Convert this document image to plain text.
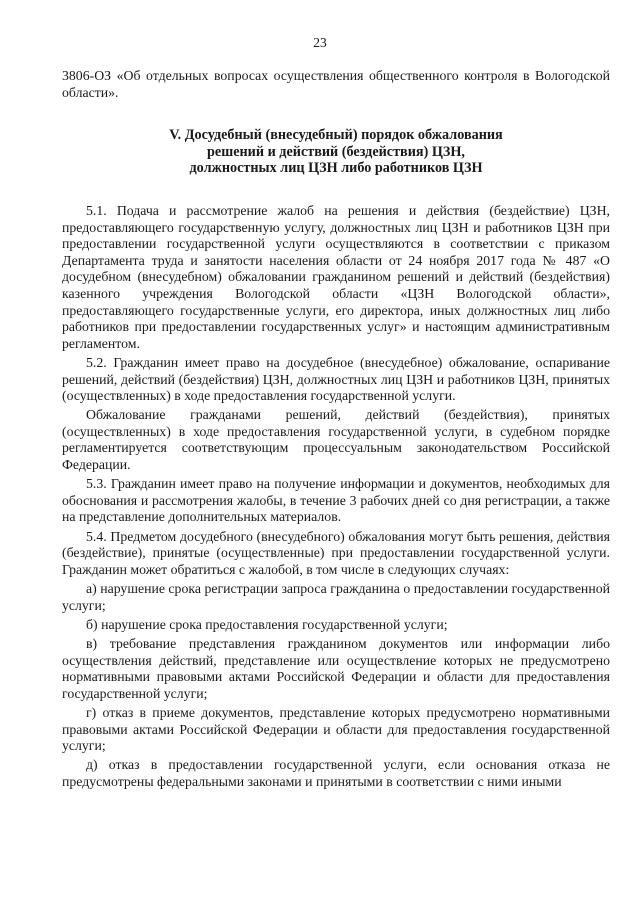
23

3806-ОЗ «Об отдельных вопросах осуществления общественного контроля в Вологодской области».

V. Досудебный (внесудебный) порядок обжалования
решений и действий (бездействия) ЦЗН,
должностных лиц ЦЗН либо работников ЦЗН

5.1. Подача и рассмотрение жалоб на решения и действия (бездействие) ЦЗН, предоставляющего государственную услугу, должностных лиц ЦЗН и работников ЦЗН при предоставлении государственной услуги осуществляются в соответствии с приказом Департамента труда и занятости населения области от 24 ноября 2017 года № 487 «О досудебном (внесудебном) обжаловании гражданином решений и действий (бездействия) казенного учреждения Вологодской области «ЦЗН Вологодской области», предоставляющего государственные услуги, его директора, иных должностных лиц либо работников при предоставлении государственных услуг» и настоящим административным регламентом.

5.2. Гражданин имеет право на досудебное (внесудебное) обжалование, оспаривание решений, действий (бездействия) ЦЗН, должностных лиц ЦЗН и работников ЦЗН, принятых (осуществленных) в ходе предоставления государственной услуги.

Обжалование гражданами решений, действий (бездействия), принятых (осуществленных) в ходе предоставления государственной услуги, в судебном порядке регламентируется соответствующим процессуальным законодательством Российской Федерации.

5.3. Гражданин имеет право на получение информации и документов, необходимых для обоснования и рассмотрения жалобы, в течение 3 рабочих дней со дня регистрации, а также на представление дополнительных материалов.

5.4. Предметом досудебного (внесудебного) обжалования могут быть решения, действия (бездействие), принятые (осуществленные) при предоставлении государственной услуги. Гражданин может обратиться с жалобой, в том числе в следующих случаях:

а) нарушение срока регистрации запроса гражданина о предоставлении государственной услуги;

б) нарушение срока предоставления государственной услуги;

в) требование представления гражданином документов или информации либо осуществления действий, представление или осуществление которых не предусмотрено нормативными правовыми актами Российской Федерации и области для предоставления государственной услуги;

г) отказ в приеме документов, представление которых предусмотрено нормативными правовыми актами Российской Федерации и области для предоставления государственной услуги;

д) отказ в предоставлении государственной услуги, если основания отказа не предусмотрены федеральными законами и принятыми в соответствии с ними иными
